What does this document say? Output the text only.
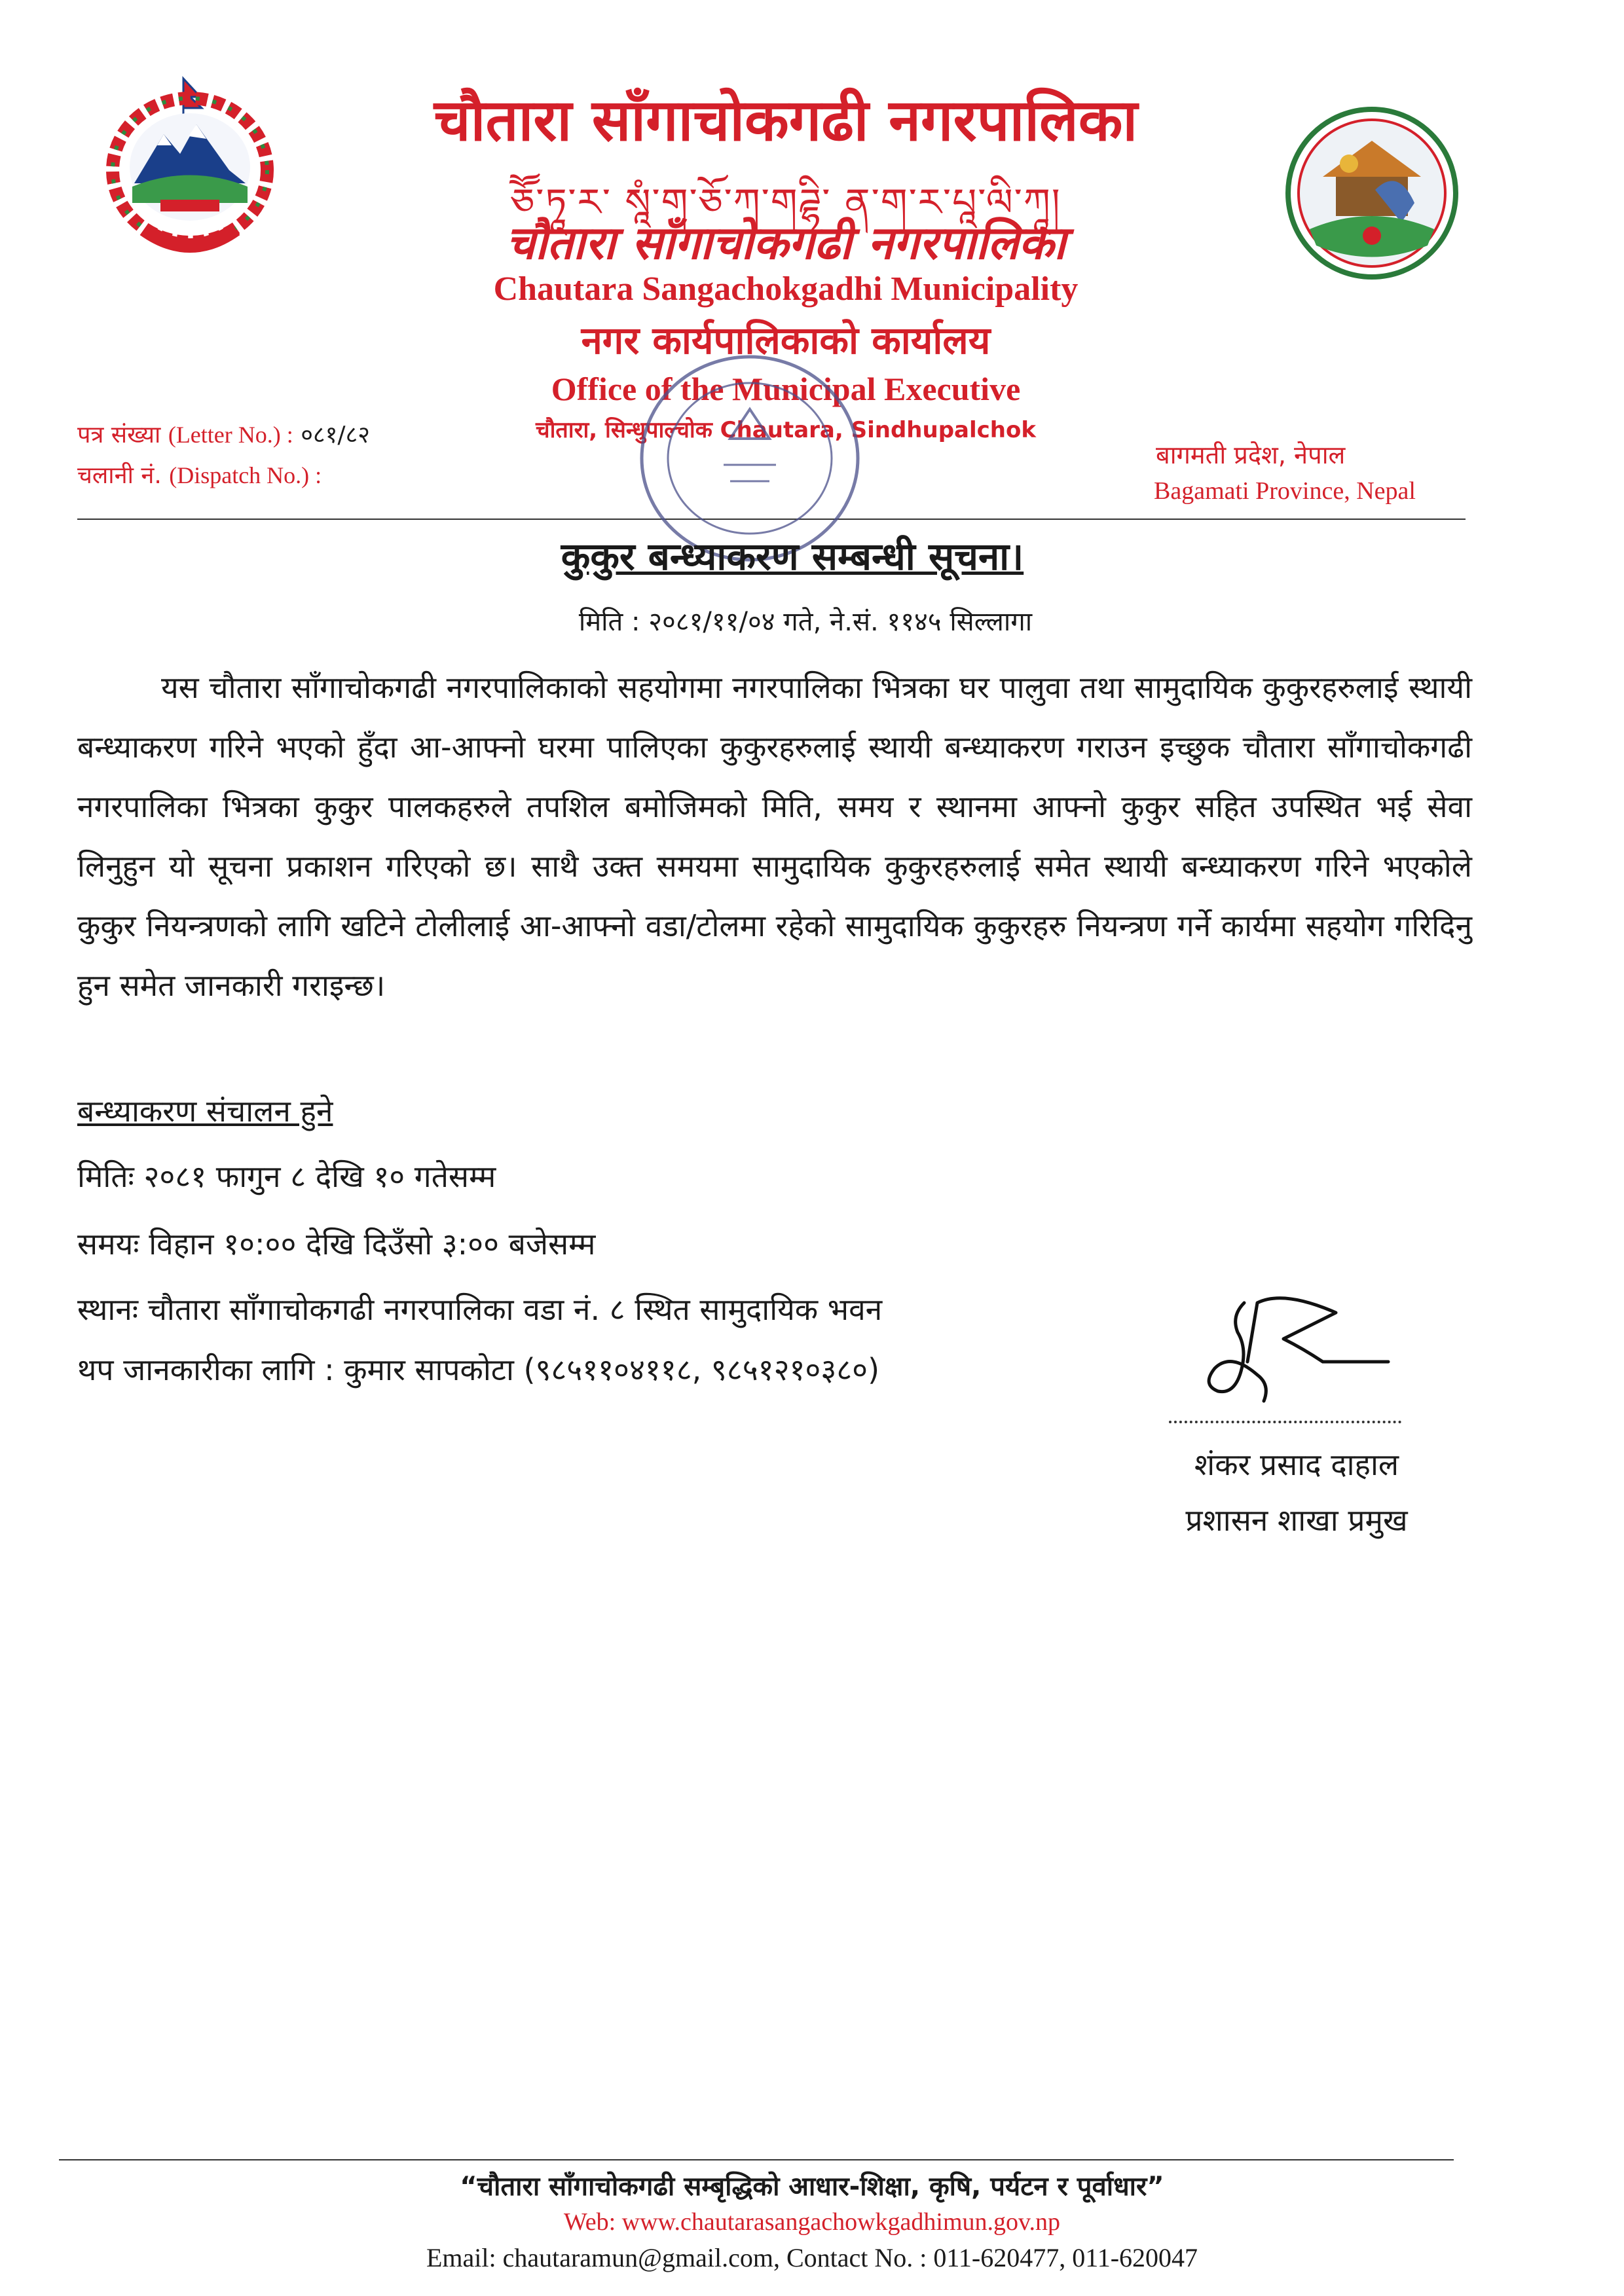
चौतारा साँगाचोकगढी नगरपालिका
ཅཽ་ཏཱ་ར་ སཱཾ་ག་ཅོ་ཀ་གཌྷི་ ན་ག་ར་པཱ་ལི་ཀཱ།
चौतारा साँगाचोकगढी नगरपालिका
Chautara Sangachokgadhi Municipality
नगर कार्यपालिकाको कार्यालय
Office of the Municipal Executive
चौतारा, सिन्धुपाल्चोक Chautara, Sindhupalchok
पत्र संख्या (Letter No.) : ०८१/८२
चलानी नं. (Dispatch No.) :
बागमती प्रदेश, नेपाल
Bagamati Province, Nepal
कुकुर बन्ध्याकरण सम्बन्धी सूचना।
मिति : २०८१/११/०४ गते, ने.सं. ११४५ सिल्लागा
यस चौतारा साँगाचोकगढी नगरपालिकाको सहयोगमा नगरपालिका भित्रका घर पालुवा तथा सामुदायिक कुकुरहरुलाई स्थायी बन्ध्याकरण गरिने भएको हुँदा आ-आफ्नो घरमा पालिएका कुकुरहरुलाई स्थायी बन्ध्याकरण गराउन इच्छुक चौतारा साँगाचोकगढी नगरपालिका भित्रका कुकुर पालकहरुले तपशिल बमोजिमको मिति, समय र स्थानमा आफ्नो कुकुर सहित उपस्थित भई सेवा लिनुहुन यो सूचना प्रकाशन गरिएको छ। साथै उक्त समयमा सामुदायिक कुकुरहरुलाई समेत स्थायी बन्ध्याकरण गरिने भएकोले कुकुर नियन्त्रणको लागि खटिने टोलीलाई आ-आफ्नो वडा/टोलमा रहेको सामुदायिक कुकुरहरु नियन्त्रण गर्ने कार्यमा सहयोग गरिदिनु हुन समेत जानकारी गराइन्छ।
बन्ध्याकरण संचालन हुने
मितिः २०८१ फागुन ८ देखि १० गतेसम्म
समयः विहान १०:०० देखि दिउँसो ३:०० बजेसम्म
स्थानः चौतारा साँगाचोकगढी नगरपालिका वडा नं. ८ स्थित सामुदायिक भवन
थप जानकारीका लागि : कुमार सापकोटा (९८५११०४११८, ९८५१२१०३८०)
शंकर प्रसाद दाहाल
प्रशासन शाखा प्रमुख
“चौतारा साँगाचोकगढी सम्बृद्धिको आधार-शिक्षा, कृषि, पर्यटन र पूर्वाधार”
Web: www.chautarasangachowkgadhimun.gov.np
Email: chautaramun@gmail.com, Contact No. : 011-620477, 011-620047
